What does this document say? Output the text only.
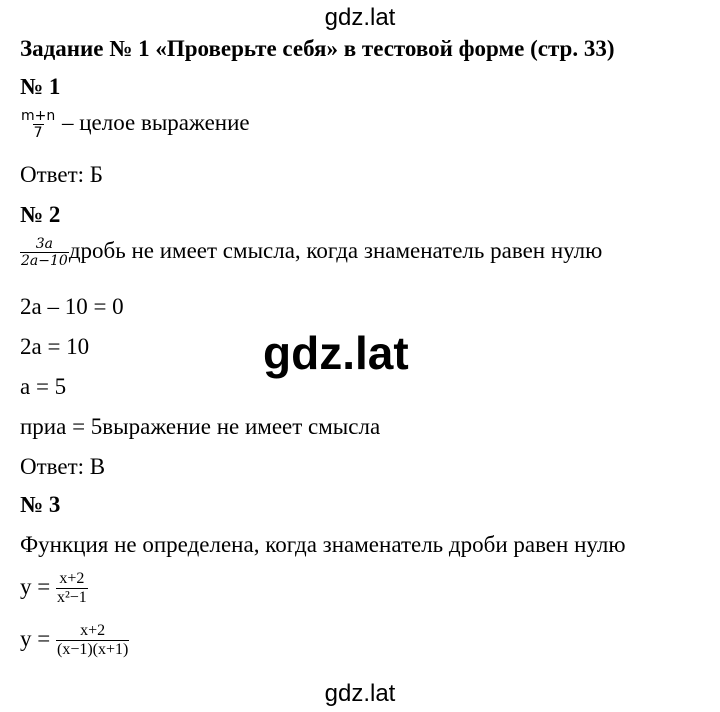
gdz.lat
Задание № 1 «Проверьте себя» в тестовой форме (стр. 33)
№ 1
$\frac{m+n}{7}$ – целое выражение
Ответ: Б
№ 2
$\frac{3a}{2a-10}$ дробь не имеет смысла, когда знаменатель равен нулю
2a – 10 = 0
2a = 10
a = 5
приa = 5выражение не имеет смысла
Ответ: В
gdz.lat
№ 3
Функция не определена, когда знаменатель дроби равен нулю
$y = \frac{x+2}{\text{x²−1}}$
$y = \frac{x+2}{(x-1)(x+1)}$
gdz.lat
